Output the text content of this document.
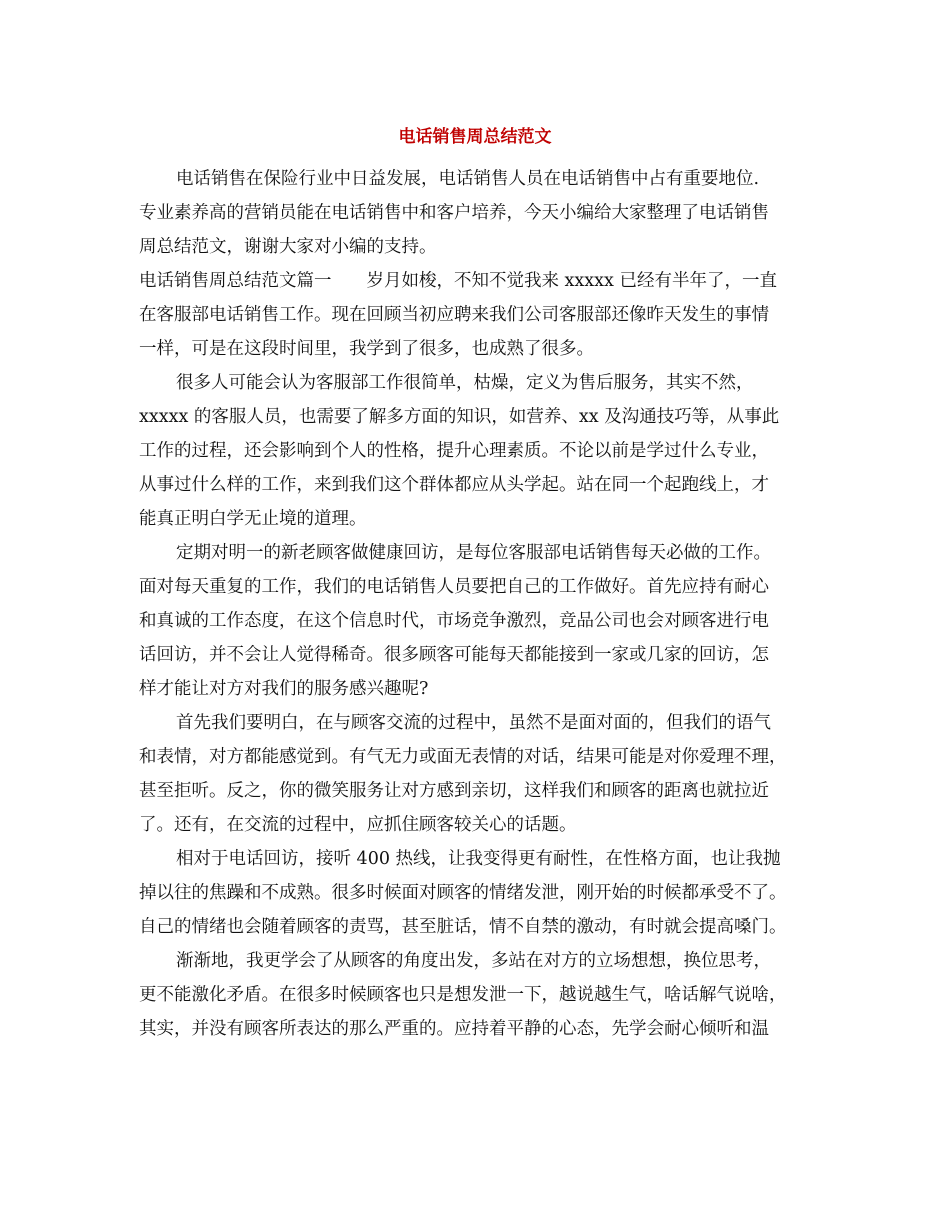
电话销售周总结范文
电话销售在保险行业中日益发展，电话销售人员在电话销售中占有重要地位.
专业素养高的营销员能在电话销售中和客户培养，今天小编给大家整理了电话销售
周总结范文，谢谢大家对小编的支持。
电话销售周总结范文篇一　　岁月如梭，不知不觉我来 xxxxx 已经有半年了，一直
在客服部电话销售工作。现在回顾当初应聘来我们公司客服部还像昨天发生的事情
一样，可是在这段时间里，我学到了很多，也成熟了很多。
很多人可能会认为客服部工作很简单，枯燥，定义为售后服务，其实不然，
xxxxx 的客服人员，也需要了解多方面的知识，如营养、xx 及沟通技巧等，从事此
工作的过程，还会影响到个人的性格，提升心理素质。不论以前是学过什么专业，
从事过什么样的工作，来到我们这个群体都应从头学起。站在同一个起跑线上，才
能真正明白学无止境的道理。
定期对明一的新老顾客做健康回访，是每位客服部电话销售每天必做的工作。
面对每天重复的工作，我们的电话销售人员要把自己的工作做好。首先应持有耐心
和真诚的工作态度，在这个信息时代，市场竞争激烈，竞品公司也会对顾客进行电
话回访，并不会让人觉得稀奇。很多顾客可能每天都能接到一家或几家的回访，怎
样才能让对方对我们的服务感兴趣呢?
首先我们要明白，在与顾客交流的过程中，虽然不是面对面的，但我们的语气
和表情，对方都能感觉到。有气无力或面无表情的对话，结果可能是对你爱理不理，
甚至拒听。反之，你的微笑服务让对方感到亲切，这样我们和顾客的距离也就拉近
了。还有，在交流的过程中，应抓住顾客较关心的话题。
相对于电话回访，接听 400 热线，让我变得更有耐性，在性格方面，也让我抛
掉以往的焦躁和不成熟。很多时候面对顾客的情绪发泄，刚开始的时候都承受不了。
自己的情绪也会随着顾客的责骂，甚至脏话，情不自禁的激动，有时就会提高嗓门。
渐渐地，我更学会了从顾客的角度出发，多站在对方的立场想想，换位思考，
更不能激化矛盾。在很多时候顾客也只是想发泄一下，越说越生气，啥话解气说啥，
其实，并没有顾客所表达的那么严重的。应持着平静的心态，先学会耐心倾听和温
